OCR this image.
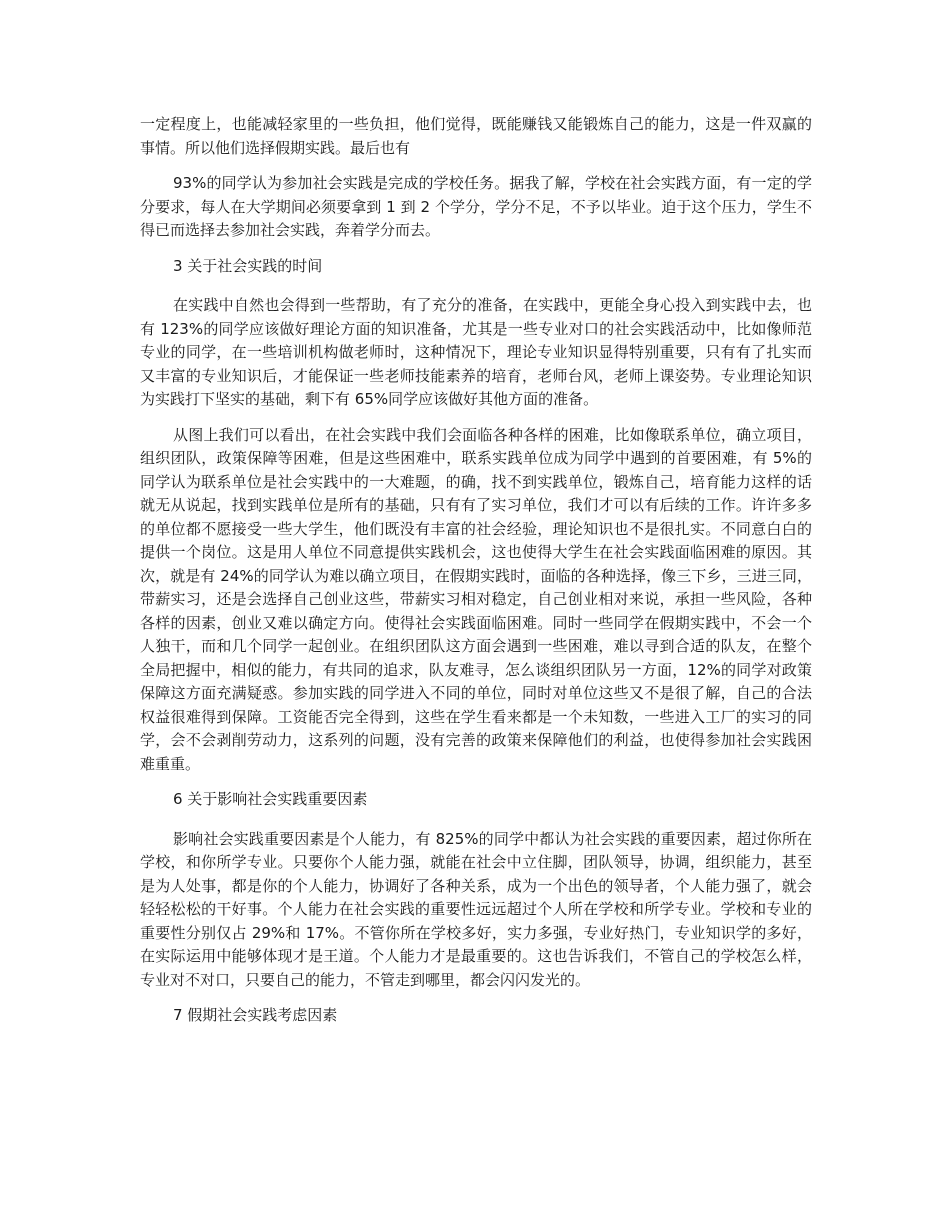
一定程度上，也能减轻家里的一些负担，他们觉得，既能赚钱又能锻炼自己的能力，这是一件双赢的事情。所以他们选择假期实践。最后也有

93%的同学认为参加社会实践是完成的学校任务。据我了解，学校在社会实践方面，有一定的学分要求，每人在大学期间必须要拿到 1 到 2 个学分，学分不足，不予以毕业。迫于这个压力，学生不得已而选择去参加社会实践，奔着学分而去。

3 关于社会实践的时间

在实践中自然也会得到一些帮助，有了充分的准备，在实践中，更能全身心投入到实践中去，也有 123%的同学应该做好理论方面的知识准备，尤其是一些专业对口的社会实践活动中，比如像师范专业的同学，在一些培训机构做老师时，这种情况下，理论专业知识显得特别重要，只有有了扎实而又丰富的专业知识后，才能保证一些老师技能素养的培育，老师台风，老师上课姿势。专业理论知识为实践打下坚实的基础，剩下有 65%同学应该做好其他方面的准备。

从图上我们可以看出，在社会实践中我们会面临各种各样的困难，比如像联系单位，确立项目，组织团队，政策保障等困难，但是这些困难中，联系实践单位成为同学中遇到的首要困难，有 5%的同学认为联系单位是社会实践中的一大难题，的确，找不到实践单位，锻炼自己，培育能力这样的话就无从说起，找到实践单位是所有的基础，只有有了实习单位，我们才可以有后续的工作。许许多多的单位都不愿接受一些大学生，他们既没有丰富的社会经验，理论知识也不是很扎实。不同意白白的提供一个岗位。这是用人单位不同意提供实践机会，这也使得大学生在社会实践面临困难的原因。其次，就是有 24%的同学认为难以确立项目，在假期实践时，面临的各种选择，像三下乡，三进三同，带薪实习，还是会选择自己创业这些，带薪实习相对稳定，自己创业相对来说，承担一些风险，各种各样的因素，创业又难以确定方向。使得社会实践面临困难。同时一些同学在假期实践中，不会一个人独干，而和几个同学一起创业。在组织团队这方面会遇到一些困难，难以寻到合适的队友，在整个全局把握中，相似的能力，有共同的追求，队友难寻，怎么谈组织团队另一方面，12%的同学对政策保障这方面充满疑惑。参加实践的同学进入不同的单位，同时对单位这些又不是很了解，自己的合法权益很难得到保障。工资能否完全得到，这些在学生看来都是一个未知数，一些进入工厂的实习的同学，会不会剥削劳动力，这系列的问题，没有完善的政策来保障他们的利益，也使得参加社会实践困难重重。

6 关于影响社会实践重要因素

影响社会实践重要因素是个人能力，有 825%的同学中都认为社会实践的重要因素，超过你所在学校，和你所学专业。只要你个人能力强，就能在社会中立住脚，团队领导，协调，组织能力，甚至是为人处事，都是你的个人能力，协调好了各种关系，成为一个出色的领导者，个人能力强了，就会轻轻松松的干好事。个人能力在社会实践的重要性远远超过个人所在学校和所学专业。学校和专业的重要性分别仅占 29%和 17%。不管你所在学校多好，实力多强，专业好热门，专业知识学的多好，在实际运用中能够体现才是王道。个人能力才是最重要的。这也告诉我们，不管自己的学校怎么样，专业对不对口，只要自己的能力，不管走到哪里，都会闪闪发光的。

7 假期社会实践考虑因素
